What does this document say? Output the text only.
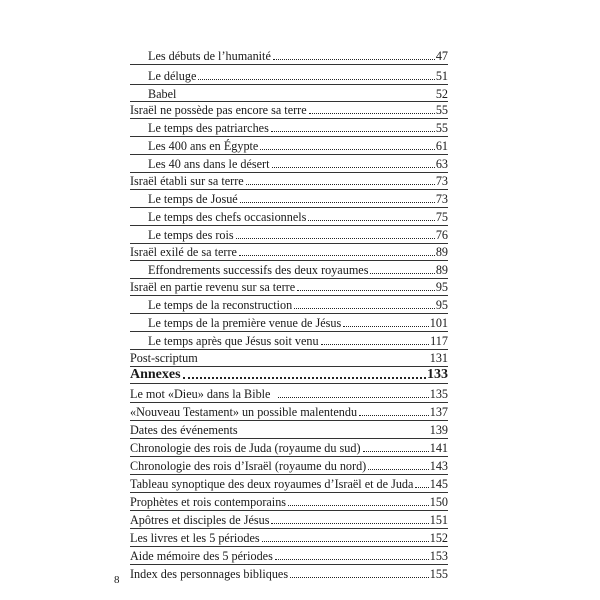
Les débuts de l’humanité	47
Le déluge	51
Babel	52
Israël ne possède pas encore sa terre	55
Le temps des patriarches	55
Les 400 ans en Égypte	61
Les 40 ans dans le désert	63
Israël établi sur sa terre	73
Le temps de Josué	73
Le temps des chefs occasionnels	75
Le temps des rois	76
Israël exilé de sa terre	89
Effondrements successifs des deux royaumes	89
Israël en partie revenu sur sa terre	95
Le temps de la reconstruction	95
Le temps de la première venue de Jésus	101
Le temps après que Jésus soit venu	117
Post-scriptum	131
Annexes	133
Le mot «Dieu» dans la Bible	135
«Nouveau Testament» un possible malentendu	137
Dates des événements	139
Chronologie des rois de Juda (royaume du sud)	141
Chronologie des rois d’Israël (royaume du nord)	143
Tableau synoptique des deux royaumes d’Israël et de Juda 145
Prophètes et rois contemporains	150
Apôtres et disciples de Jésus	151
Les livres et les 5 périodes	152
Aide mémoire des 5 périodes	153
Index des personnages bibliques	155
8
